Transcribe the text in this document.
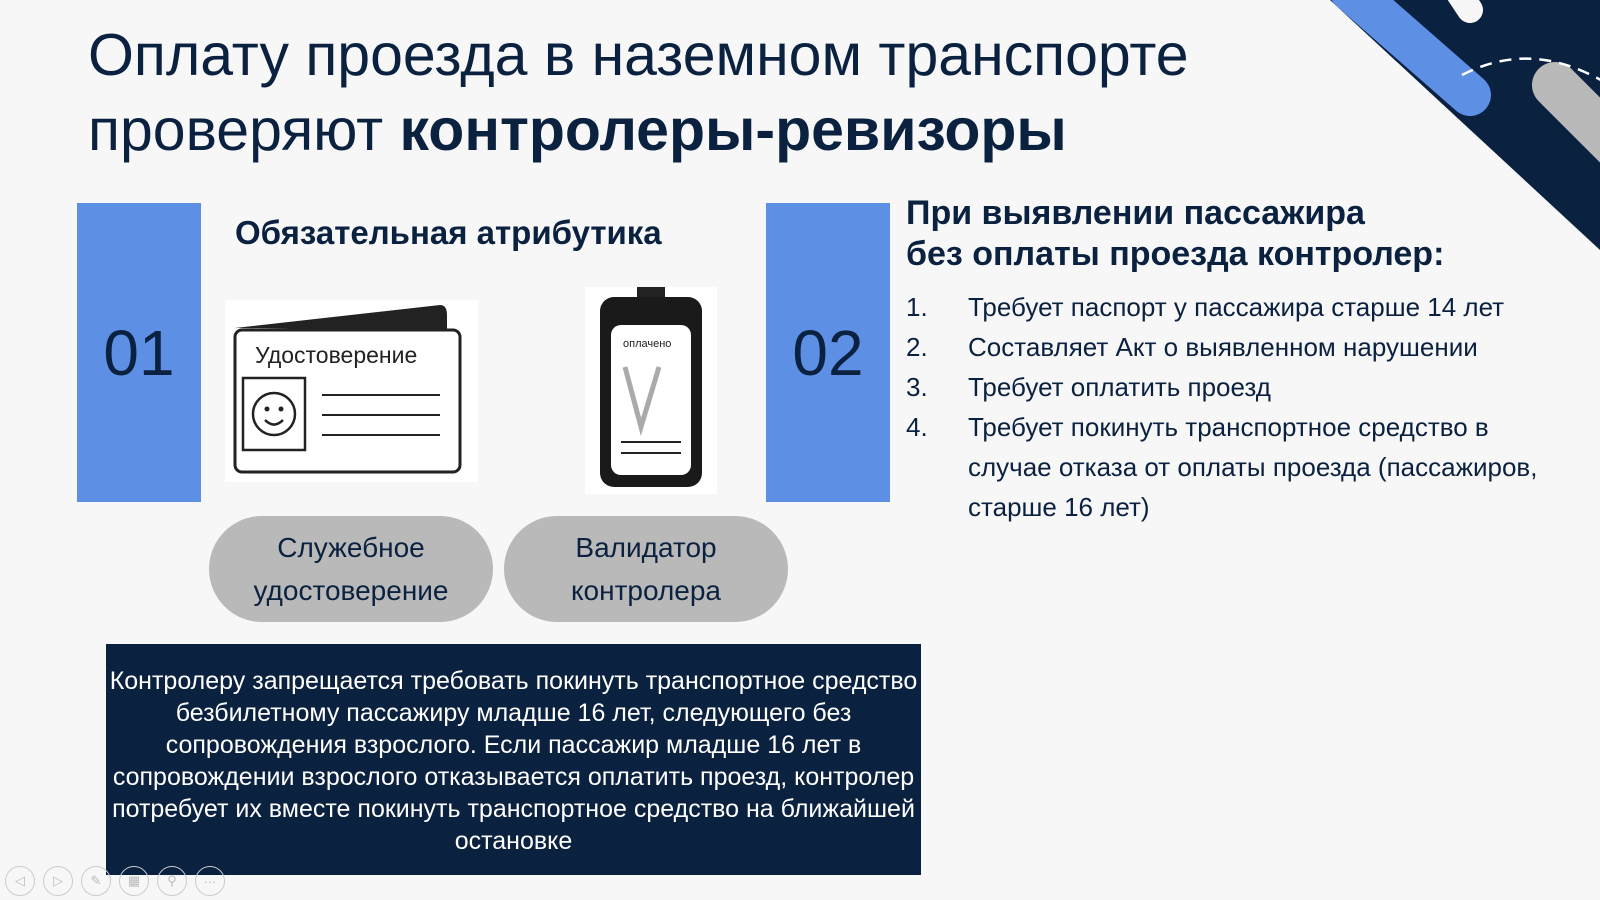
Оплату проезда в наземном транспорте
проверяют контролеры-ревизоры
01
Обязательная атрибутика
Удостоверение	оплачено
Служебное удостоверение
Валидатор контролера
02
При выявлении пассажира
без оплаты проезда контролер:
1.	Требует паспорт у пассажира старше 14 лет
2.	Составляет Акт о выявленном нарушении
3.	Требует оплатить проезд
4.	Требует покинуть транспортное средство в случае отказа от оплаты проезда (пассажиров, старше 16 лет)
Контролеру запрещается требовать покинуть транспортное средство безбилетному пассажиру младше 16 лет, следующего без сопровождения взрослого. Если пассажир младше 16 лет в сопровождении взрослого отказывается оплатить проезд, контролер потребует их вместе покинуть транспортное средство на ближайшей остановке
◁	▷	✎	▦	⚲	···
